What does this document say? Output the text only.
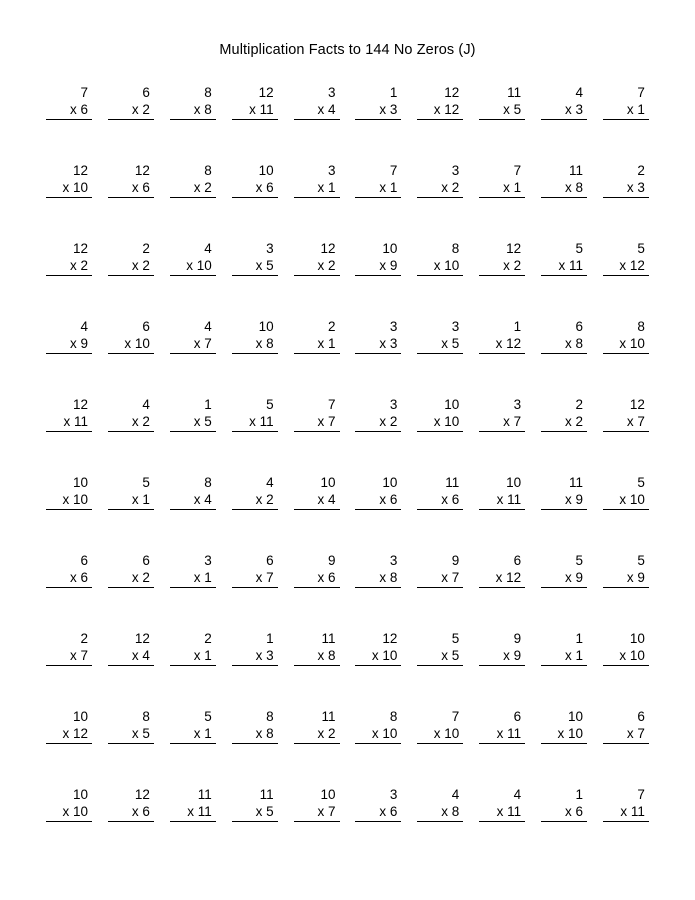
Multiplication Facts to 144 No Zeros (J)
7
x 6
6
x 2
8
x 8
12
x 11
3
x 4
1
x 3
12
x 12
11
x 5
4
x 3
7
x 1
12
x 10
12
x 6
8
x 2
10
x 6
3
x 1
7
x 1
3
x 2
7
x 1
11
x 8
2
x 3
12
x 2
2
x 2
4
x 10
3
x 5
12
x 2
10
x 9
8
x 10
12
x 2
5
x 11
5
x 12
4
x 9
6
x 10
4
x 7
10
x 8
2
x 1
3
x 3
3
x 5
1
x 12
6
x 8
8
x 10
12
x 11
4
x 2
1
x 5
5
x 11
7
x 7
3
x 2
10
x 10
3
x 7
2
x 2
12
x 7
10
x 10
5
x 1
8
x 4
4
x 2
10
x 4
10
x 6
11
x 6
10
x 11
11
x 9
5
x 10
6
x 6
6
x 2
3
x 1
6
x 7
9
x 6
3
x 8
9
x 7
6
x 12
5
x 9
5
x 9
2
x 7
12
x 4
2
x 1
1
x 3
11
x 8
12
x 10
5
x 5
9
x 9
1
x 1
10
x 10
10
x 12
8
x 5
5
x 1
8
x 8
11
x 2
8
x 10
7
x 10
6
x 11
10
x 10
6
x 7
10
x 10
12
x 6
11
x 11
11
x 5
10
x 7
3
x 6
4
x 8
4
x 11
1
x 6
7
x 11
